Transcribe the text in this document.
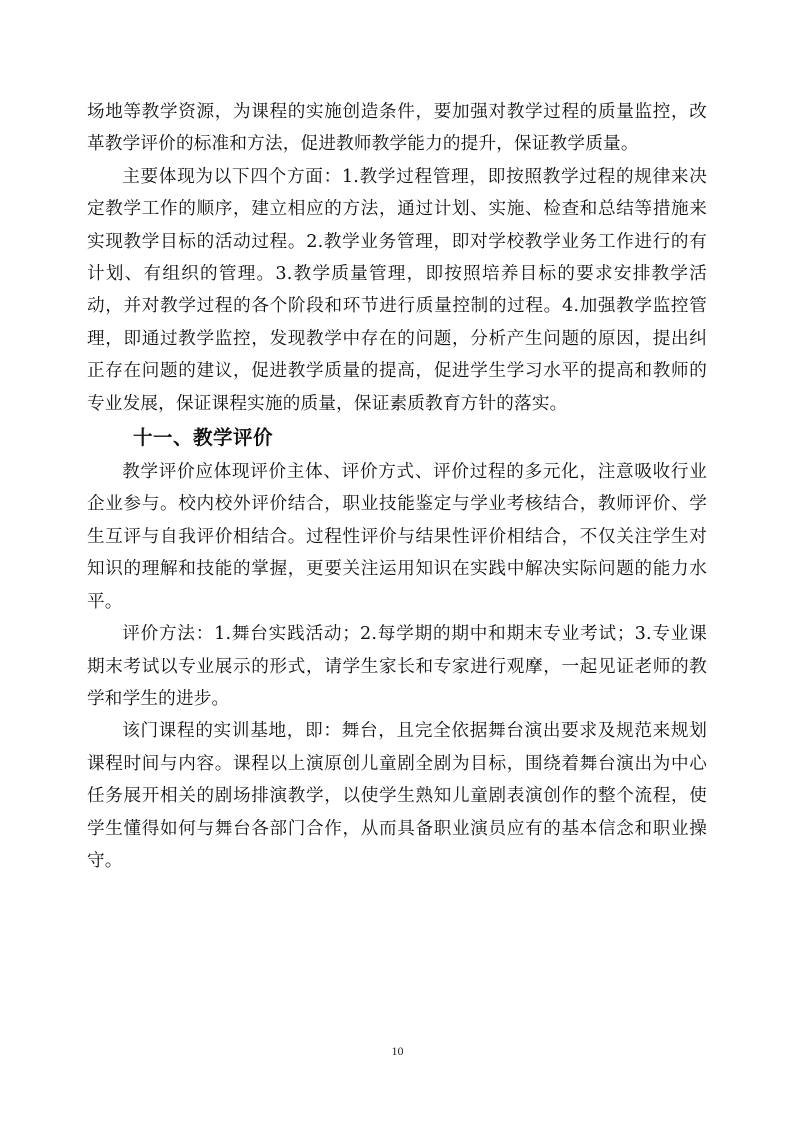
场地等教学资源，为课程的实施创造条件，要加强对教学过程的质量监控，改革教学评价的标准和方法，促进教师教学能力的提升，保证教学质量。

主要体现为以下四个方面：1.教学过程管理，即按照教学过程的规律来决定教学工作的顺序，建立相应的方法，通过计划、实施、检查和总结等措施来实现教学目标的活动过程。2.教学业务管理，即对学校教学业务工作进行的有计划、有组织的管理。3.教学质量管理，即按照培养目标的要求安排教学活动，并对教学过程的各个阶段和环节进行质量控制的过程。4.加强教学监控管理，即通过教学监控，发现教学中存在的问题，分析产生问题的原因，提出纠正存在问题的建议，促进教学质量的提高，促进学生学习水平的提高和教师的专业发展，保证课程实施的质量，保证素质教育方针的落实。

十一、教学评价

教学评价应体现评价主体、评价方式、评价过程的多元化，注意吸收行业企业参与。校内校外评价结合，职业技能鉴定与学业考核结合，教师评价、学生互评与自我评价相结合。过程性评价与结果性评价相结合，不仅关注学生对知识的理解和技能的掌握，更要关注运用知识在实践中解决实际问题的能力水平。

评价方法：1.舞台实践活动；2.每学期的期中和期末专业考试；3.专业课期末考试以专业展示的形式，请学生家长和专家进行观摩，一起见证老师的教学和学生的进步。

该门课程的实训基地，即：舞台，且完全依据舞台演出要求及规范来规划课程时间与内容。课程以上演原创儿童剧全剧为目标，围绕着舞台演出为中心任务展开相关的剧场排演教学，以使学生熟知儿童剧表演创作的整个流程，使学生懂得如何与舞台各部门合作，从而具备职业演员应有的基本信念和职业操守。

10
